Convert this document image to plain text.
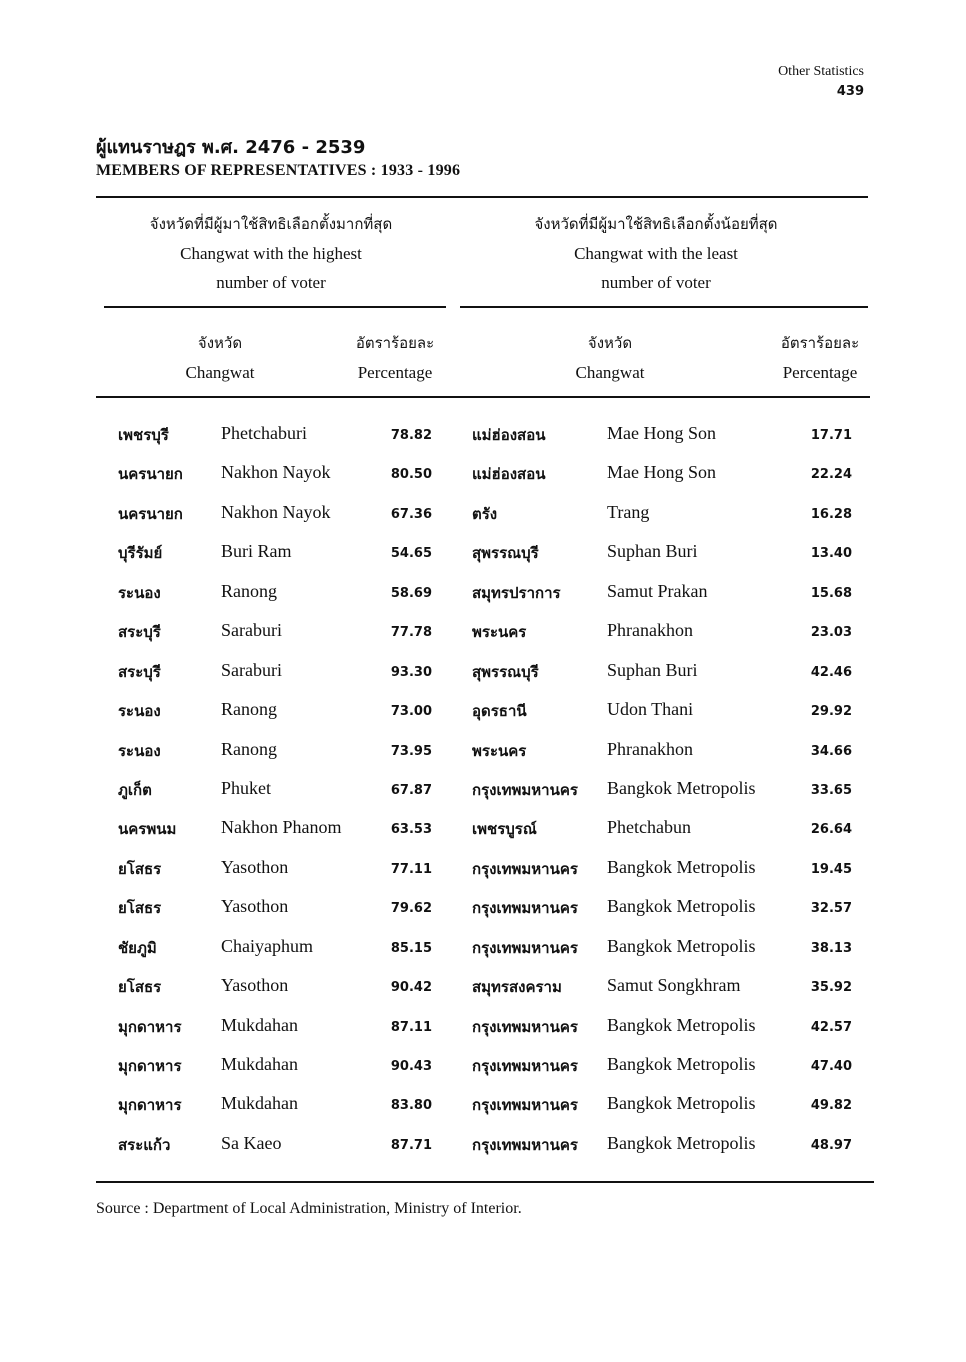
Other Statistics
439
ผู้แทนราษฎร พ.ศ. 2476 - 2539
MEMBERS OF REPRESENTATIVES : 1933 - 1996
จังหวัดที่มีผู้มาใช้สิทธิเลือกตั้งมากที่สุด
Changwat with the highest
number of voter
จังหวัดที่มีผู้มาใช้สิทธิเลือกตั้งน้อยที่สุด
Changwat with the least
number of voter
จังหวัด
Changwat
อัตราร้อยละ
Percentage
จังหวัด
Changwat
อัตราร้อยละ
Percentage
เพชรบุรี	Phetchaburi	78.82	แม่ฮ่องสอน	Mae Hong Son	17.71
นครนายก Nakhon Nayok	80.50	แม่ฮ่องสอน	Mae Hong Son	22.24
นครนายก Nakhon Nayok	67.36	ตรัง	Trang	16.28
บุรีรัมย์	Buri Ram	54.65	สุพรรณบุรี	Suphan Buri	13.40
ระนอง	Ranong	58.69	สมุทรปราการ	Samut Prakan	15.68
สระบุรี	Saraburi	77.78	พระนคร	Phranakhon	23.03
สระบุรี	Saraburi	93.30	สุพรรณบุรี	Suphan Buri	42.46
ระนอง	Ranong	73.00	อุดรธานี	Udon Thani	29.92
ระนอง	Ranong	73.95	พระนคร	Phranakhon	34.66
ภูเก็ต	Phuket	67.87	กรุงเทพมหานคร Bangkok Metropolis	33.65
นครพนม Nakhon Phanom	63.53	เพชรบูรณ์	Phetchabun	26.64
ยโสธร	Yasothon	77.11	กรุงเทพมหานคร Bangkok Metropolis	19.45
ยโสธร	Yasothon	79.62	กรุงเทพมหานคร Bangkok Metropolis	32.57
ชัยภูมิ	Chaiyaphum	85.15	กรุงเทพมหานคร Bangkok Metropolis	38.13
ยโสธร	Yasothon	90.42	สมุทรสงคราม	Samut Songkhram	35.92
มุกดาหาร Mukdahan	87.11	กรุงเทพมหานคร Bangkok Metropolis	42.57
มุกดาหาร Mukdahan	90.43	กรุงเทพมหานคร Bangkok Metropolis	47.40
มุกดาหาร Mukdahan	83.80	กรุงเทพมหานคร Bangkok Metropolis	49.82
สระแก้ว	Sa Kaeo	87.71	กรุงเทพมหานคร Bangkok Metropolis	48.97
Source : Department of Local Administration, Ministry of Interior.
